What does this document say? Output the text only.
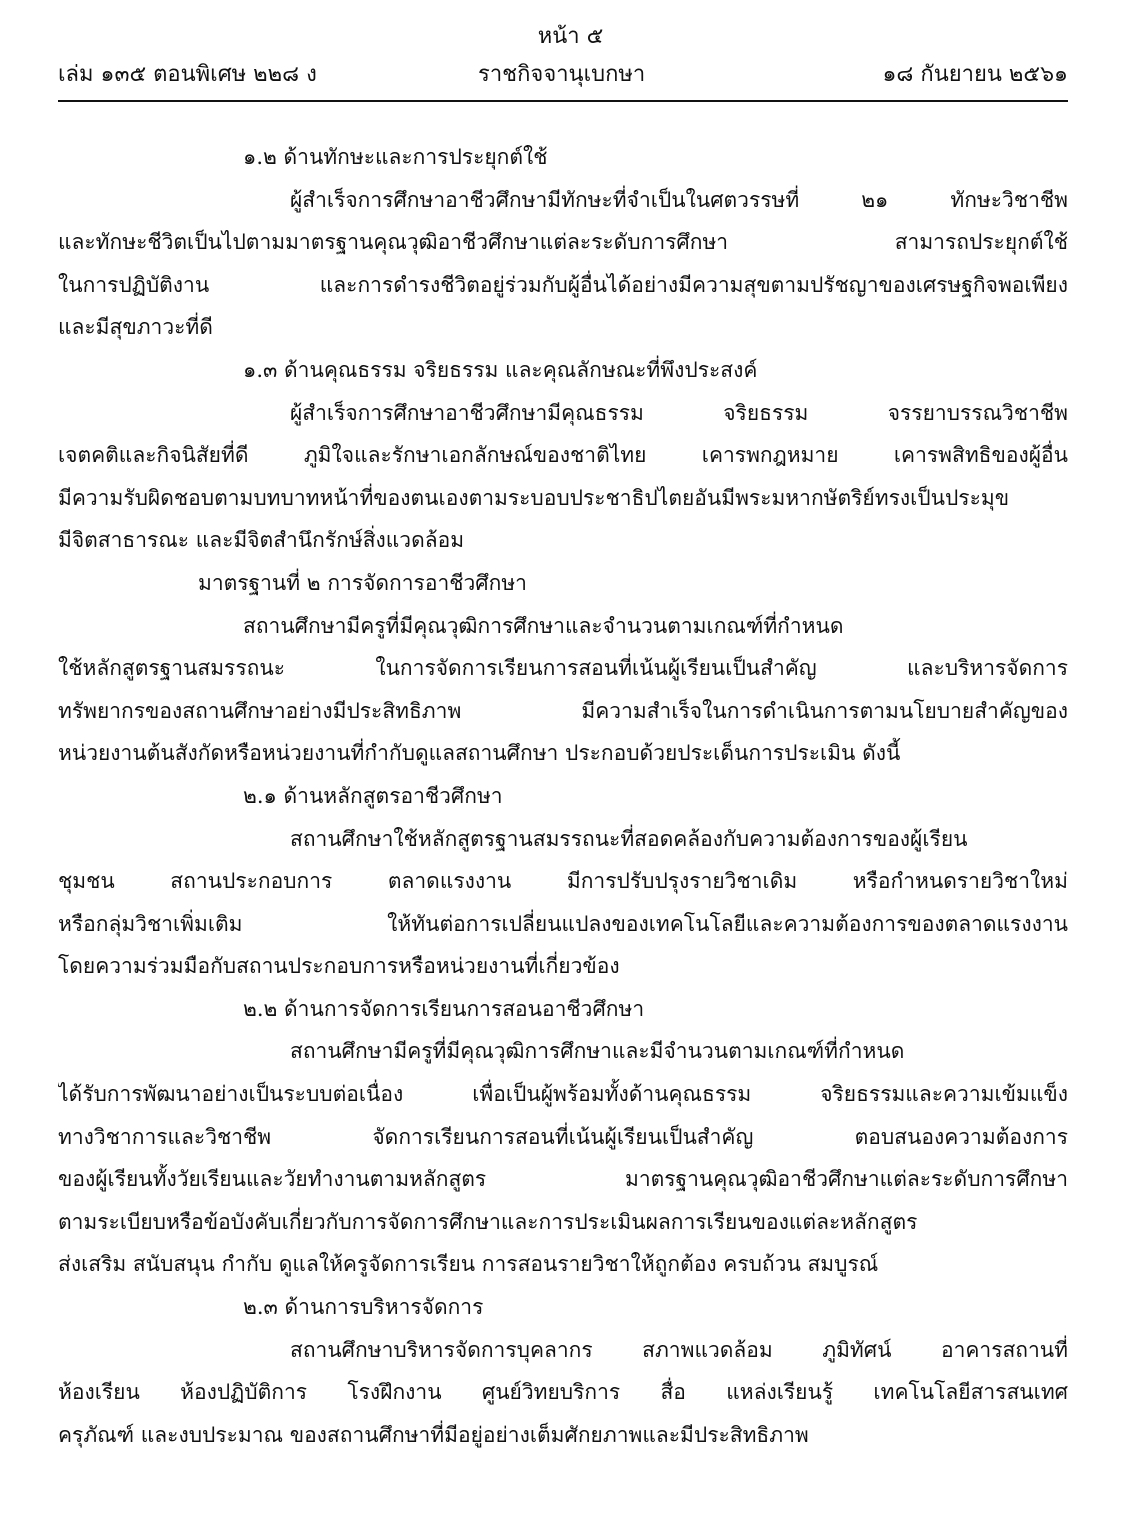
หน้า ๕
เล่ม ๑๓๕ ตอนพิเศษ ๒๒๘ ง	ราชกิจจานุเบกษา	๑๘ กันยายน ๒๕๖๑
๑.๒ ด้านทักษะและการประยุกต์ใช้
ผู้สำเร็จการศึกษาอาชีวศึกษามีทักษะที่จำเป็นในศตวรรษที่ ๒๑ ทักษะวิชาชีพ
และทักษะชีวิตเป็นไปตามมาตรฐานคุณวุฒิอาชีวศึกษาแต่ละระดับการศึกษา สามารถประยุกต์ใช้
ในการปฏิบัติงาน และการดำรงชีวิตอยู่ร่วมกับผู้อื่นได้อย่างมีความสุขตามปรัชญาของเศรษฐกิจพอเพียง
และมีสุขภาวะที่ดี
๑.๓ ด้านคุณธรรม จริยธรรม และคุณลักษณะที่พึงประสงค์
ผู้สำเร็จการศึกษาอาชีวศึกษามีคุณธรรม จริยธรรม จรรยาบรรณวิชาชีพ
เจตคติและกิจนิสัยที่ดี ภูมิใจและรักษาเอกลักษณ์ของชาติไทย เคารพกฎหมาย เคารพสิทธิของผู้อื่น
มีความรับผิดชอบตามบทบาทหน้าที่ของตนเองตามระบอบประชาธิปไตยอันมีพระมหากษัตริย์ทรงเป็นประมุข
มีจิตสาธารณะ และมีจิตสำนึกรักษ์สิ่งแวดล้อม
มาตรฐานที่ ๒ การจัดการอาชีวศึกษา
สถานศึกษามีครูที่มีคุณวุฒิการศึกษาและจำนวนตามเกณฑ์ที่กำหนด
ใช้หลักสูตรฐานสมรรถนะ ในการจัดการเรียนการสอนที่เน้นผู้เรียนเป็นสำคัญ และบริหารจัดการ
ทรัพยากรของสถานศึกษาอย่างมีประสิทธิภาพ มีความสำเร็จในการดำเนินการตามนโยบายสำคัญของ
หน่วยงานต้นสังกัดหรือหน่วยงานที่กำกับดูแลสถานศึกษา ประกอบด้วยประเด็นการประเมิน ดังนี้
๒.๑ ด้านหลักสูตรอาชีวศึกษา
สถานศึกษาใช้หลักสูตรฐานสมรรถนะที่สอดคล้องกับความต้องการของผู้เรียน
ชุมชน สถานประกอบการ ตลาดแรงงาน มีการปรับปรุงรายวิชาเดิม หรือกำหนดรายวิชาใหม่
หรือกลุ่มวิชาเพิ่มเติม ให้ทันต่อการเปลี่ยนแปลงของเทคโนโลยีและความต้องการของตลาดแรงงาน
โดยความร่วมมือกับสถานประกอบการหรือหน่วยงานที่เกี่ยวข้อง
๒.๒ ด้านการจัดการเรียนการสอนอาชีวศึกษา
สถานศึกษามีครูที่มีคุณวุฒิการศึกษาและมีจำนวนตามเกณฑ์ที่กำหนด
ได้รับการพัฒนาอย่างเป็นระบบต่อเนื่อง เพื่อเป็นผู้พร้อมทั้งด้านคุณธรรม จริยธรรมและความเข้มแข็ง
ทางวิชาการและวิชาชีพ จัดการเรียนการสอนที่เน้นผู้เรียนเป็นสำคัญ ตอบสนองความต้องการ
ของผู้เรียนทั้งวัยเรียนและวัยทำงานตามหลักสูตร มาตรฐานคุณวุฒิอาชีวศึกษาแต่ละระดับการศึกษา
ตามระเบียบหรือข้อบังคับเกี่ยวกับการจัดการศึกษาและการประเมินผลการเรียนของแต่ละหลักสูตร
ส่งเสริม สนับสนุน กำกับ ดูแลให้ครูจัดการเรียน การสอนรายวิชาให้ถูกต้อง ครบถ้วน สมบูรณ์
๒.๓ ด้านการบริหารจัดการ
สถานศึกษาบริหารจัดการบุคลากร สภาพแวดล้อม ภูมิทัศน์ อาคารสถานที่
ห้องเรียน ห้องปฏิบัติการ โรงฝึกงาน ศูนย์วิทยบริการ สื่อ แหล่งเรียนรู้ เทคโนโลยีสารสนเทศ
ครุภัณฑ์ และงบประมาณ ของสถานศึกษาที่มีอยู่อย่างเต็มศักยภาพและมีประสิทธิภาพ
